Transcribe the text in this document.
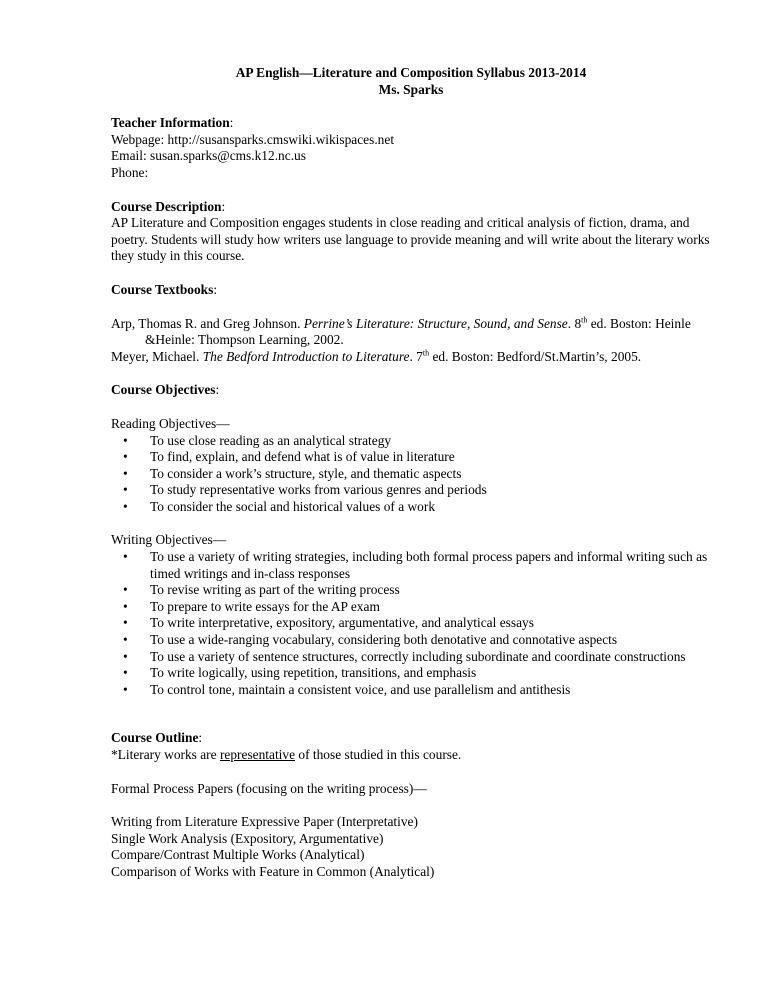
AP English—Literature and Composition Syllabus 2013-2014

Ms. Sparks

Teacher Information:

Webpage: http://susansparks.cmswiki.wikispaces.net

Email: susan.sparks@cms.k12.nc.us

Phone:

Course Description:

AP Literature and Composition engages students in close reading and critical analysis of fiction, drama, and poetry. Students will study how writers use language to provide meaning and will write about the literary works they study in this course.

Course Textbooks:

Arp, Thomas R. and Greg Johnson. Perrine’s Literature: Structure, Sound, and Sense. 8th ed. Boston: Heinle &Heinle: Thompson Learning, 2002.

Meyer, Michael. The Bedford Introduction to Literature. 7th ed. Boston: Bedford/St.Martin’s, 2005.

Course Objectives:

Reading Objectives—

• To use close reading as an analytical strategy
• To find, explain, and defend what is of value in literature
• To consider a work’s structure, style, and thematic aspects
• To study representative works from various genres and periods
• To consider the social and historical values of a work

Writing Objectives—

• To use a variety of writing strategies, including both formal process papers and informal writing such as timed writings and in-class responses
• To revise writing as part of the writing process
• To prepare to write essays for the AP exam
• To write interpretative, expository, argumentative, and analytical essays
• To use a wide-ranging vocabulary, considering both denotative and connotative aspects
• To use a variety of sentence structures, correctly including subordinate and coordinate constructions
• To write logically, using repetition, transitions, and emphasis
• To control tone, maintain a consistent voice, and use parallelism and antithesis

Course Outline:

*Literary works are representative of those studied in this course.

Formal Process Papers (focusing on the writing process)—

Writing from Literature Expressive Paper (Interpretative)

Single Work Analysis (Expository, Argumentative)

Compare/Contrast Multiple Works (Analytical)

Comparison of Works with Feature in Common (Analytical)
